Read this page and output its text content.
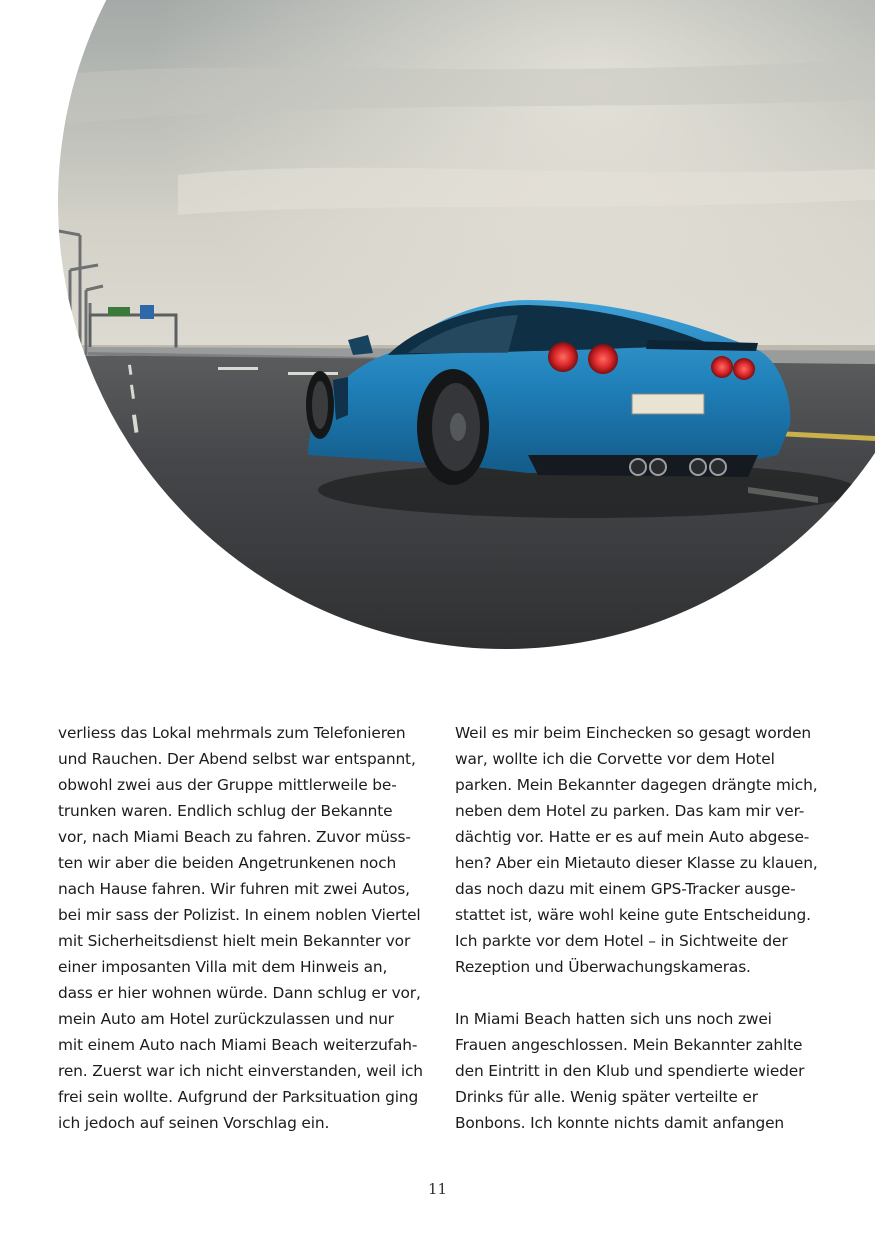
verliess das Lokal mehrmals zum Telefonieren
und Rauchen. Der Abend selbst war entspannt,
obwohl zwei aus der Gruppe mittlerweile be-
trunken waren. Endlich schlug der Bekannte
vor, nach Miami Beach zu fahren. Zuvor müss-
ten wir aber die beiden Angetrunkenen noch
nach Hause fahren. Wir fuhren mit zwei Autos,
bei mir sass der Polizist. In einem noblen Viertel
mit Sicherheitsdienst hielt mein Bekannter vor
einer imposanten Villa mit dem Hinweis an,
dass er hier wohnen würde. Dann schlug er vor,
mein Auto am Hotel zurückzulassen und nur
mit einem Auto nach Miami Beach weiterzufah-
ren. Zuerst war ich nicht einverstanden, weil ich
frei sein wollte. Aufgrund der Parksituation ging
ich jedoch auf seinen Vorschlag ein.
Weil es mir beim Einchecken so gesagt worden
war, wollte ich die Corvette vor dem Hotel
parken. Mein Bekannter dagegen drängte mich,
neben dem Hotel zu parken. Das kam mir ver-
dächtig vor. Hatte er es auf mein Auto abgese-
hen? Aber ein Mietauto dieser Klasse zu klauen,
das noch dazu mit einem GPS-Tracker ausge-
stattet ist, wäre wohl keine gute Entscheidung.
Ich parkte vor dem Hotel – in Sichtweite der
Rezeption und Überwachungskameras.
In Miami Beach hatten sich uns noch zwei
Frauen angeschlossen. Mein Bekannter zahlte
den Eintritt in den Klub und spendierte wieder
Drinks für alle. Wenig später verteilte er
Bonbons. Ich konnte nichts damit anfangen
11
